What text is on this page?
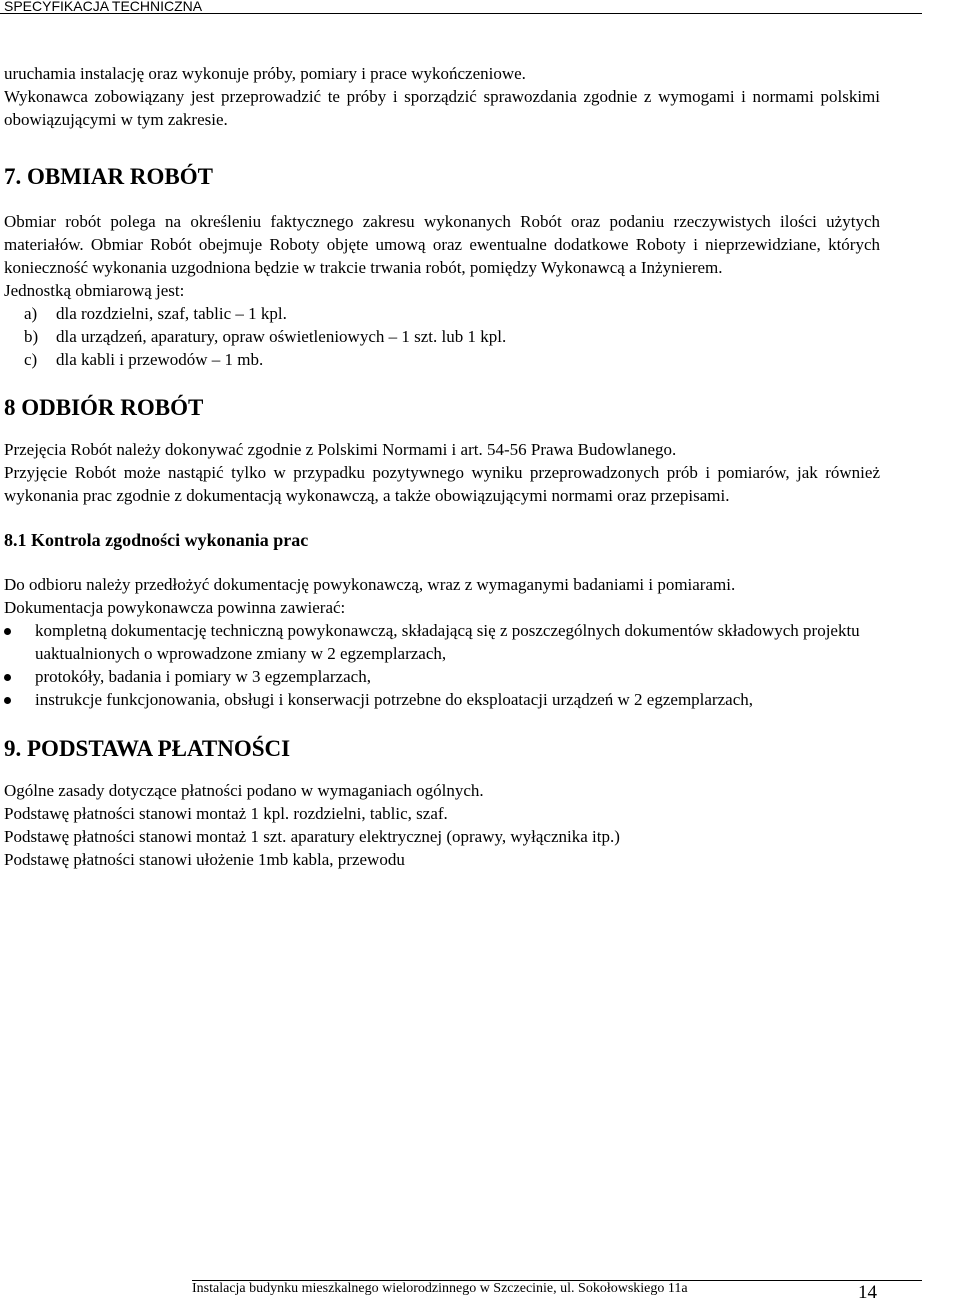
SPECYFIKACJA TECHNICZNA

uruchamia instalację oraz wykonuje próby, pomiary i prace wykończeniowe.

Wykonawca zobowiązany jest przeprowadzić te próby i sporządzić sprawozdania zgodnie z wymogami i normami polskimi obowiązującymi w tym zakresie.

7. OBMIAR ROBÓT

Obmiar robót polega na określeniu faktycznego zakresu wykonanych Robót oraz podaniu rzeczywistych ilości użytych materiałów. Obmiar Robót obejmuje Roboty objęte umową oraz ewentualne dodatkowe Roboty i nieprzewidziane, których konieczność wykonania uzgodniona będzie w trakcie trwania robót, pomiędzy Wykonawcą a Inżynierem.

Jednostką obmiarową jest:

a) dla rozdzielni, szaf, tablic – 1 kpl.
b) dla urządzeń, aparatury, opraw oświetleniowych – 1 szt. lub 1 kpl.
c) dla kabli i przewodów – 1 mb.
8 ODBIÓR ROBÓT

Przejęcia Robót należy dokonywać zgodnie z Polskimi Normami i art. 54-56 Prawa Budowlanego.

Przyjęcie Robót może nastąpić tylko w przypadku pozytywnego wyniku przeprowadzonych prób i pomiarów, jak również wykonania prac zgodnie z dokumentacją wykonawczą, a także obowiązującymi normami oraz przepisami.

8.1 Kontrola zgodności wykonania prac

Do odbioru należy przedłożyć dokumentację powykonawczą, wraz z wymaganymi badaniami i pomiarami.

Dokumentacja powykonawcza powinna zawierać:

kompletną dokumentację techniczną powykonawczą, składającą się z poszczególnych dokumentów składowych projektu uaktualnionych o wprowadzone zmiany w 2 egzemplarzach,
protokóły, badania i pomiary w 3 egzemplarzach,
instrukcje funkcjonowania, obsługi i konserwacji potrzebne do eksploatacji urządzeń w 2 egzemplarzach,
9. PODSTAWA PŁATNOŚCI

Ogólne zasady dotyczące płatności podano w wymaganiach ogólnych.

Podstawę płatności stanowi montaż 1 kpl. rozdzielni, tablic, szaf.

Podstawę płatności stanowi montaż 1 szt. aparatury elektrycznej (oprawy, wyłącznika itp.)

Podstawę płatności stanowi ułożenie 1mb kabla, przewodu

Instalacja budynku mieszkalnego wielorodzinnego w Szczecinie, ul. Sokołowskiego 11a	14
